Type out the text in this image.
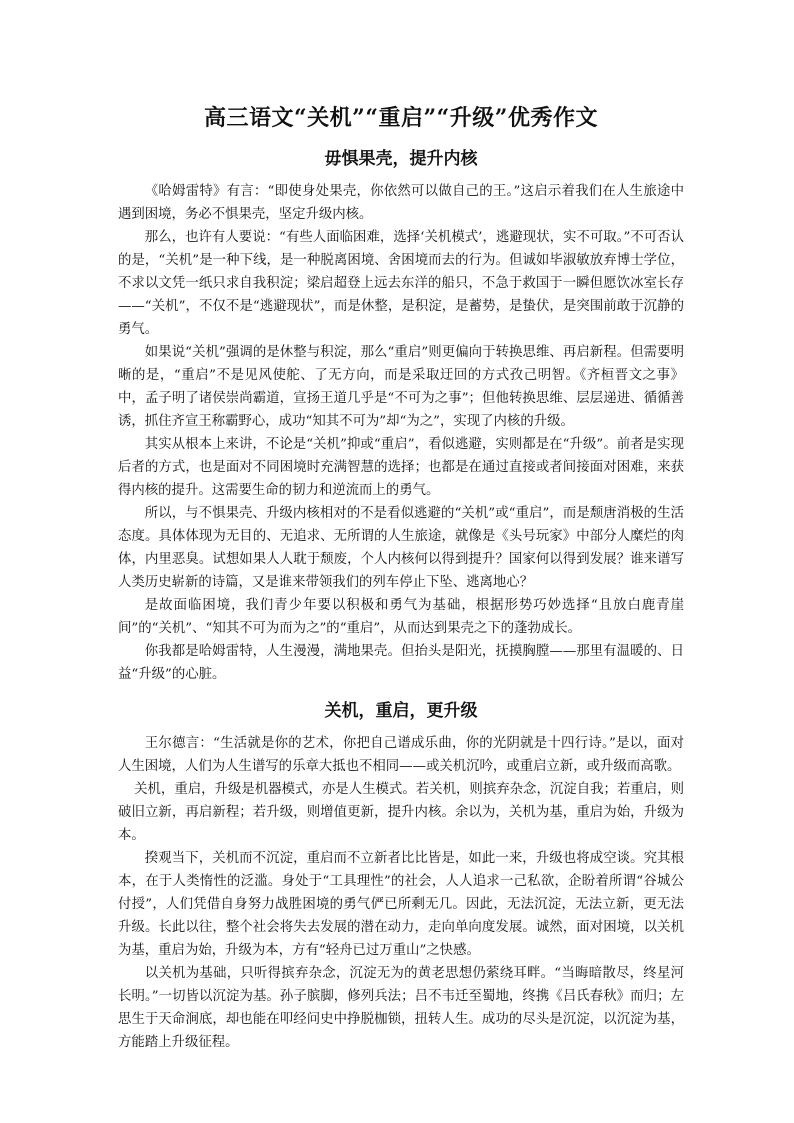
高三语文“关机”“重启”“升级”优秀作文
毋惧果壳，提升内核

《哈姆雷特》有言：“即使身处果壳，你依然可以做自己的王。”这启示着我们在人生旅途中遇到困境，务必不惧果壳，坚定升级内核。

那么，也许有人要说：“有些人面临困难，选择‘关机模式’，逃避现状，实不可取。”不可否认的是，“关机”是一种下线，是一种脱离困境、舍困境而去的行为。但诚如毕淑敏放弃博士学位，不求以文凭一纸只求自我积淀；梁启超登上远去东洋的船只，不急于救国于一瞬但愿饮冰室长存——“关机”，不仅不是“逃避现状”，而是休整，是积淀，是蓄势，是蛰伏，是突围前敢于沉静的勇气。

如果说“关机”强调的是休整与积淀，那么“重启”则更偏向于转换思维、再启新程。但需要明晰的是，“重启”不是见风使舵、了无方向，而是采取迂回的方式孜己明智。《齐桓晋文之事》中，孟子明了诸侯崇尚霸道，宣扬王道几乎是“不可为之事”；但他转换思维、层层递进、循循善诱，抓住齐宣王称霸野心，成功“知其不可为”却“为之”，实现了内核的升级。

其实从根本上来讲，不论是“关机”抑或“重启”，看似逃避，实则都是在“升级”。前者是实现后者的方式，也是面对不同困境时充满智慧的选择；也都是在通过直接或者间接面对困难，来获得内核的提升。这需要生命的韧力和逆流而上的勇气。

所以，与不惧果壳、升级内核相对的不是看似逃避的“关机”或“重启”，而是颓唐消极的生活态度。具体体现为无目的、无追求、无所谓的人生旅途，就像是《头号玩家》中部分人糜烂的肉体，内里恶臭。试想如果人人耽于颓废，个人内核何以得到提升？国家何以得到发展？谁来谱写人类历史崭新的诗篇，又是谁来带领我们的列车停止下坠、逃离地心？

是故面临困境，我们青少年要以积极和勇气为基础，根据形势巧妙选择“且放白鹿青崖间”的“关机”、“知其不可为而为之”的“重启”，从而达到果壳之下的蓬勃成长。

你我都是哈姆雷特，人生漫漫，满地果壳。但抬头是阳光，抚摸胸膛——那里有温暖的、日益“升级”的心脏。

关机，重启，更升级

王尔德言：“生活就是你的艺术，你把自己谱成乐曲，你的光阴就是十四行诗。”是以，面对人生困境，人们为人生谱写的乐章大抵也不相同——或关机沉吟，或重启立新，或升级而高歌。

关机，重启，升级是机器模式，亦是人生模式。若关机，则摈弃杂念，沉淀自我；若重启，则破旧立新，再启新程；若升级，则增值更新，提升内核。余以为，关机为基，重启为始，升级为本。

揆观当下，关机而不沉淀，重启而不立新者比比皆是，如此一来，升级也将成空谈。究其根本，在于人类惰性的泛滥。身处于“工具理性”的社会，人人追求一己私欲，企盼着所谓“谷城公付授”，人们凭借自身努力战胜困境的勇气俨已所剩无几。因此，无法沉淀，无法立新，更无法升级。长此以往，整个社会将失去发展的潜在动力，走向单向度发展。诚然，面对困境，以关机为基，重启为始，升级为本，方有“轻舟已过万重山”之快感。

以关机为基础，只听得摈弃杂念，沉淀无为的黄老思想仍萦绕耳畔。“当晦暗散尽，终星河长明。”一切皆以沉淀为基。孙子膑脚，修列兵法；吕不韦迁至蜀地，终携《吕氏春秋》而归；左思生于天命涧底，却也能在叩经问史中挣脱枷锁，扭转人生。成功的尽头是沉淀，以沉淀为基，方能踏上升级征程。
